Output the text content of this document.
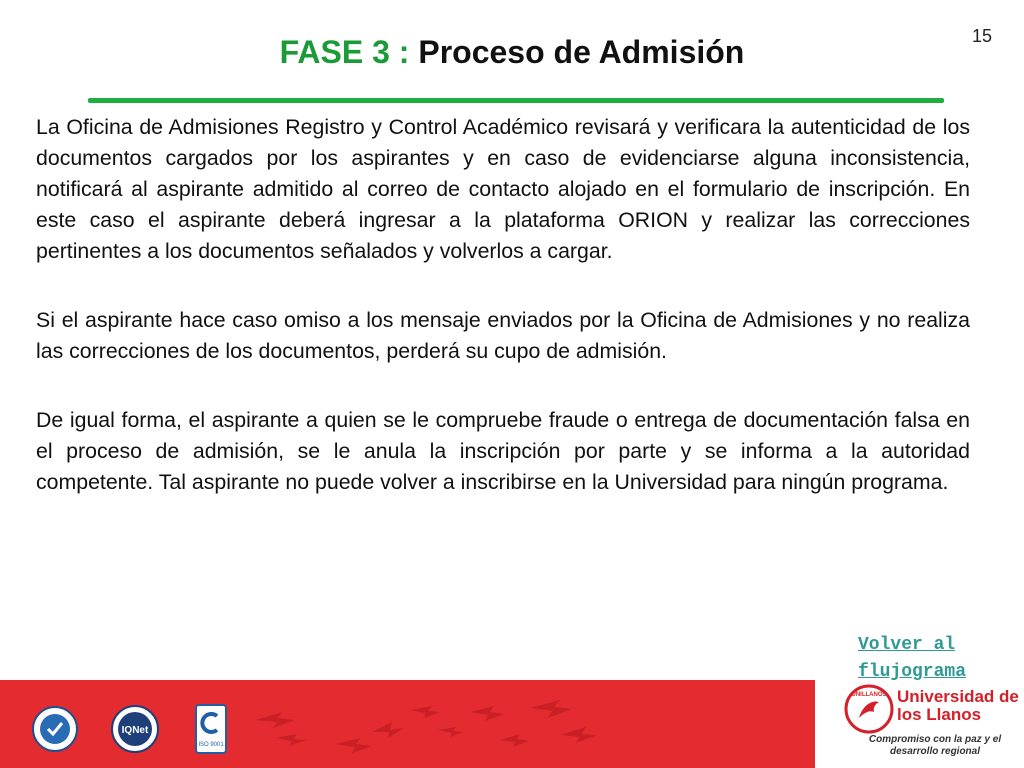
15
FASE 3 : Proceso de Admisión

La Oficina de Admisiones Registro y Control Académico revisará y verificara la autenticidad de los documentos cargados por los aspirantes y en caso de evidenciarse alguna inconsistencia, notificará al aspirante admitido al correo de contacto alojado en el formulario de inscripción. En este caso el aspirante deberá ingresar a la plataforma ORION y realizar las correcciones pertinentes a los documentos señalados y volverlos a cargar.

Si el aspirante hace caso omiso a los mensaje enviados por la Oficina de Admisiones y no realiza las correcciones de los documentos, perderá su cupo de admisión.

De igual forma, el aspirante a quien se le compruebe fraude o entrega de documentación falsa en el proceso de admisión, se le anula la inscripción por parte y se informa a la autoridad competente. Tal aspirante no puede volver a inscribirse en la Universidad para ningún programa.

Volver al flujograma
IQNet
ISO 9001
UNILLANOS Universidad de los Llanos
Compromiso con la paz y el desarrollo regional
